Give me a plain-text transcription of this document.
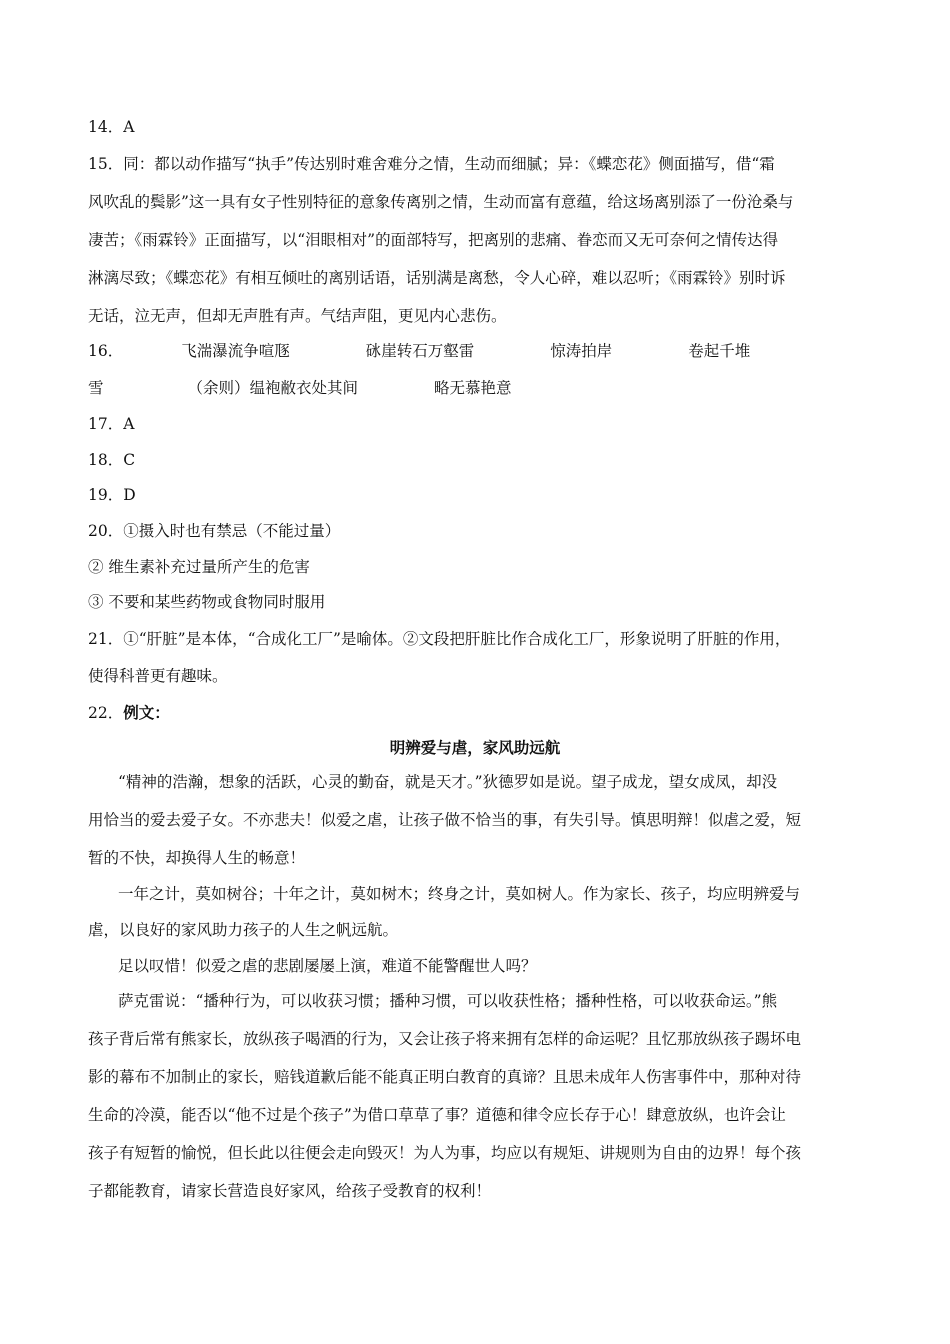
14．A
15．同：都以动作描写“执手”传达别时难舍难分之情，生动而细腻；异：《蝶恋花》侧面描写，借“霜
风吹乱的鬓影”这一具有女子性别特征的意象传离别之情，生动而富有意蕴，给这场离别添了一份沧桑与
凄苦；《雨霖铃》正面描写，以“泪眼相对”的面部特写，把离别的悲痛、眷恋而又无可奈何之情传达得
淋漓尽致；《蝶恋花》有相互倾吐的离别话语，话别满是离愁，令人心碎，难以忍听；《雨霖铃》别时诉
无话，泣无声，但却无声胜有声。气结声阻，更见内心悲伤。
16．	飞湍瀑流争喧豗	砯崖转石万壑雷	惊涛拍岸	卷起千堆
雪	（余则）缊袍敝衣处其间	略无慕艳意
17．A
18．C
19．D
20．①摄入时也有禁忌（不能过量）
② 维生素补充过量所产生的危害
③ 不要和某些药物或食物同时服用
21．①“肝脏”是本体，“合成化工厂”是喻体。②文段把肝脏比作合成化工厂，形象说明了肝脏的作用，
使得科普更有趣味。
22．例文：
明辨爱与虐，家风助远航
“精神的浩瀚，想象的活跃，心灵的勤奋，就是天才。”狄德罗如是说。望子成龙，望女成凤，却没
用恰当的爱去爱子女。不亦悲夫！似爱之虐，让孩子做不恰当的事，有失引导。慎思明辩！似虐之爱，短
暂的不快，却换得人生的畅意！
一年之计，莫如树谷；十年之计，莫如树木；终身之计，莫如树人。作为家长、孩子，均应明辨爱与
虐，以良好的家风助力孩子的人生之帆远航。
足以叹惜！似爱之虐的悲剧屡屡上演，难道不能警醒世人吗？
萨克雷说：“播种行为，可以收获习惯；播种习惯，可以收获性格；播种性格，可以收获命运。”熊
孩子背后常有熊家长，放纵孩子喝酒的行为，又会让孩子将来拥有怎样的命运呢？且忆那放纵孩子踢坏电
影的幕布不加制止的家长，赔钱道歉后能不能真正明白教育的真谛？且思未成年人伤害事件中，那种对待
生命的冷漠，能否以“他不过是个孩子”为借口草草了事？道德和律令应长存于心！肆意放纵，也许会让
孩子有短暂的愉悦，但长此以往便会走向毁灭！为人为事，均应以有规矩、讲规则为自由的边界！每个孩
子都能教育，请家长营造良好家风，给孩子受教育的权利！
